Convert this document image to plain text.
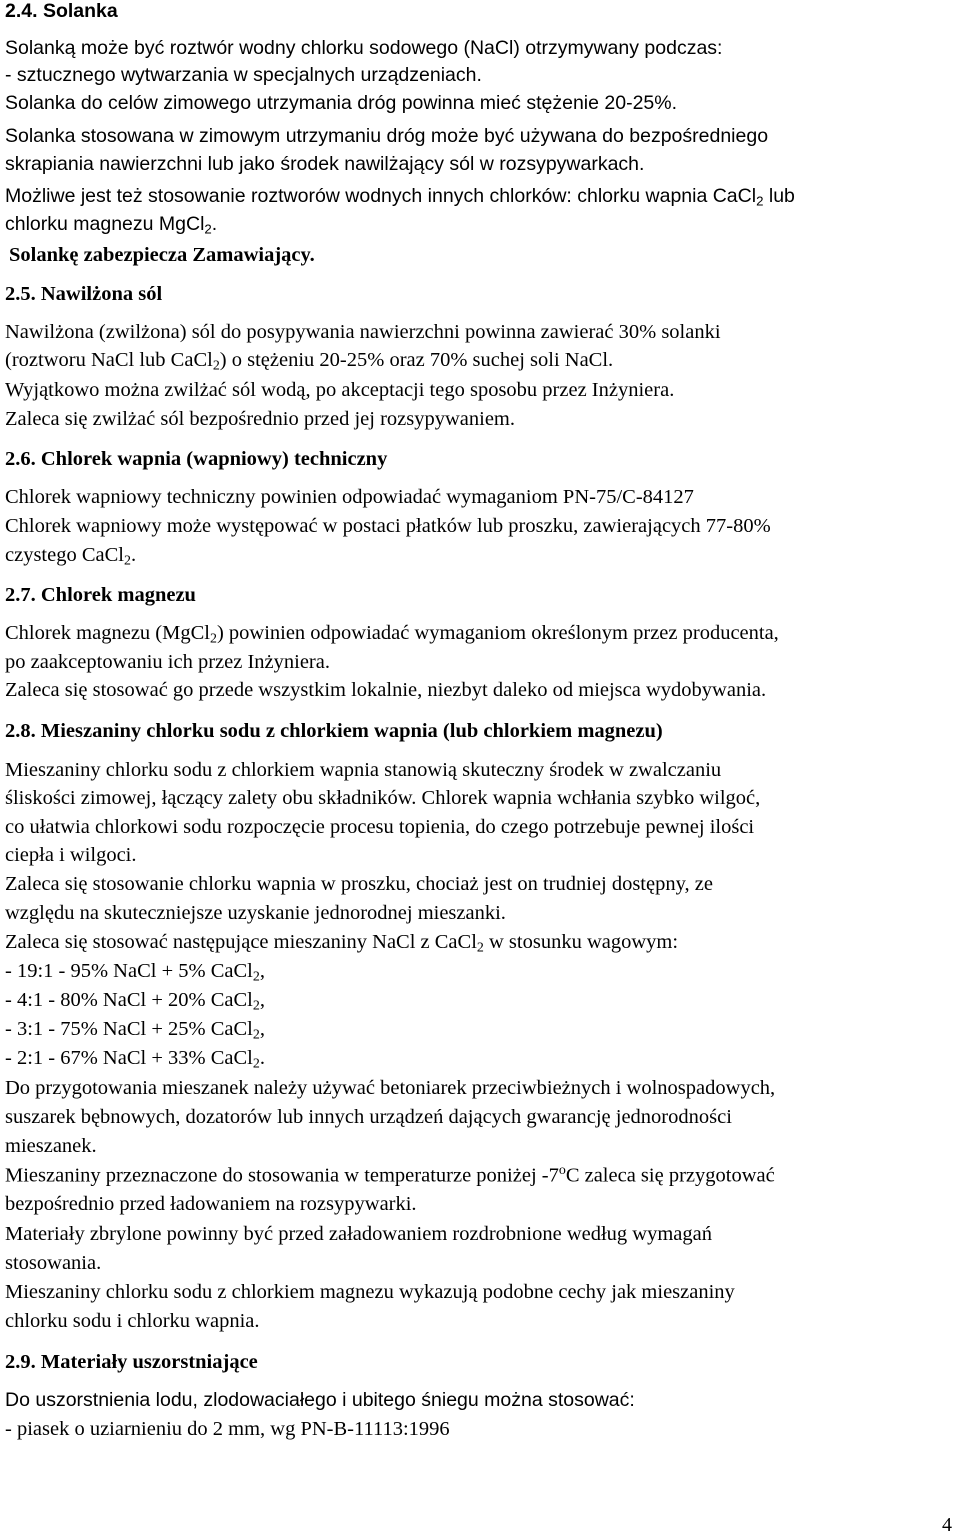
2.4. Solanka
Solanką może być roztwór wodny chlorku sodowego (NaCl) otrzymywany podczas:
- sztucznego wytwarzania w specjalnych urządzeniach.
Solanka do celów zimowego utrzymania dróg powinna mieć stężenie 20-25%.
Solanka stosowana w zimowym utrzymaniu dróg może być używana do bezpośredniego
skrapiania nawierzchni lub jako środek nawilżający sól w rozsypywarkach.
Możliwe jest też stosowanie roztworów wodnych innych chlorków: chlorku wapnia CaCl$_2$ lub
chlorku magnezu MgCl$_2$.
Solankę zabezpiecza Zamawiający.
2.5. Nawilżona sól
Nawilżona (zwilżona) sól do posypywania nawierzchni powinna zawierać 30% solanki
(roztworu NaCl lub CaCl$_2$) o stężeniu 20-25% oraz 70% suchej soli NaCl.
Wyjątkowo można zwilżać sól wodą, po akceptacji tego sposobu przez Inżyniera.
Zaleca się zwilżać sól bezpośrednio przed jej rozsypywaniem.
2.6. Chlorek wapnia (wapniowy) techniczny
Chlorek wapniowy techniczny powinien odpowiadać wymaganiom PN-75/C-84127
Chlorek wapniowy może występować w postaci płatków lub proszku, zawierających 77-80%
czystego CaCl$_2$.
2.7. Chlorek magnezu
Chlorek magnezu (MgCl$_2$) powinien odpowiadać wymaganiom określonym przez producenta,
po zaakceptowaniu ich przez Inżyniera.
Zaleca się stosować go przede wszystkim lokalnie, niezbyt daleko od miejsca wydobywania.
2.8. Mieszaniny chlorku sodu z chlorkiem wapnia (lub chlorkiem magnezu)
Mieszaniny chlorku sodu z chlorkiem wapnia stanowią skuteczny środek w zwalczaniu
śliskości zimowej, łączący zalety obu składników. Chlorek wapnia wchłania szybko wilgoć,
co ułatwia chlorkowi sodu rozpoczęcie procesu topienia, do czego potrzebuje pewnej ilości
ciepła i wilgoci.
Zaleca się stosowanie chlorku wapnia w proszku, chociaż jest on trudniej dostępny, ze
względu na skuteczniejsze uzyskanie jednorodnej mieszanki.
Zaleca się stosować następujące mieszaniny NaCl z CaCl$_2$ w stosunku wagowym:
- 19:1 - 95% NaCl + 5% CaCl$_2$,
- 4:1 - 80% NaCl + 20% CaCl$_2$,
- 3:1 - 75% NaCl + 25% CaCl$_2$,
- 2:1 - 67% NaCl + 33% CaCl$_2$.
Do przygotowania mieszanek należy używać betoniarek przeciwbieżnych i wolnospadowych,
suszarek bębnowych, dozatorów lub innych urządzeń dających gwarancję jednorodności
mieszanek.
Mieszaniny przeznaczone do stosowania w temperaturze poniżej -7$^o$C zaleca się przygotować
bezpośrednio przed ładowaniem na rozsypywarki.
Materiały zbrylone powinny być przed załadowaniem rozdrobnione według wymagań
stosowania.
Mieszaniny chlorku sodu z chlorkiem magnezu wykazują podobne cechy jak mieszaniny
chlorku sodu i chlorku wapnia.
2.9. Materiały uszorstniające
Do uszorstnienia lodu, zlodowaciałego i ubitego śniegu można stosować:
- piasek o uziarnieniu do 2 mm, wg PN-B-11113:1996
4
